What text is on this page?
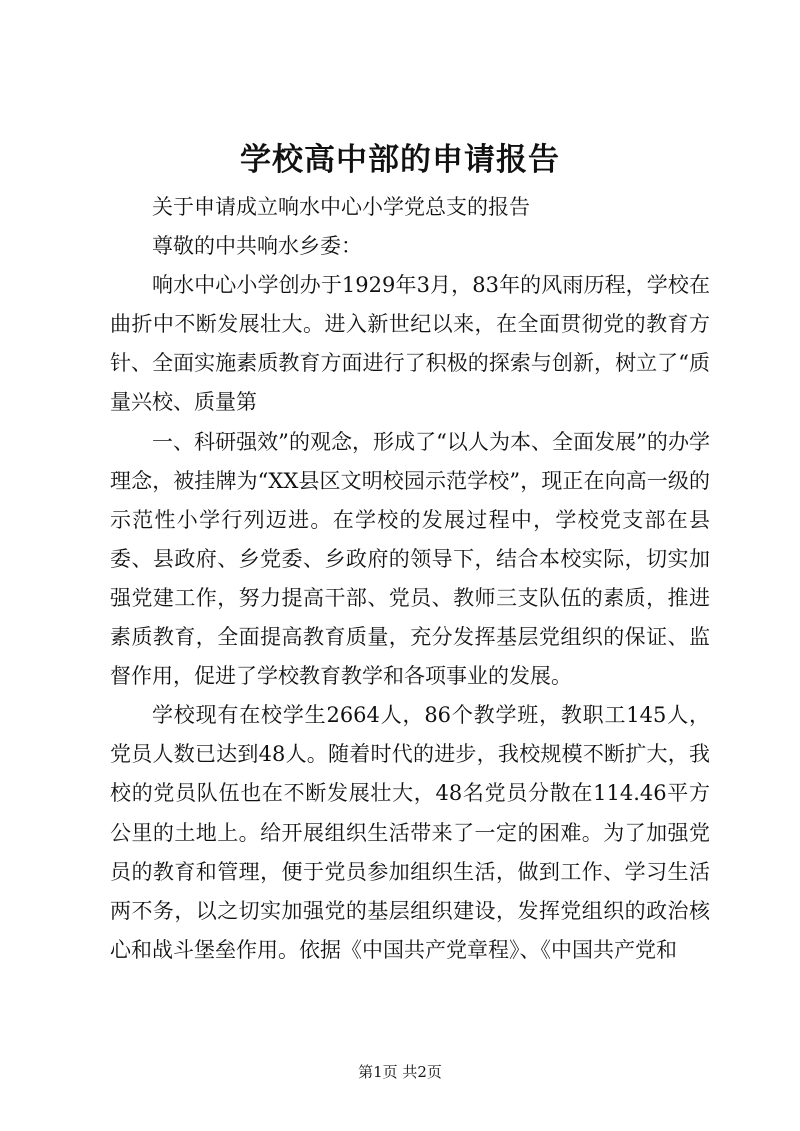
学校高中部的申请报告

关于申请成立响水中心小学党总支的报告

尊敬的中共响水乡委：

响水中心小学创办于1929年3月，83年的风雨历程，学校在曲折中不断发展壮大。进入新世纪以来，在全面贯彻党的教育方针、全面实施素质教育方面进行了积极的探索与创新，树立了“质量兴校、质量第

一、科研强效”的观念，形成了“以人为本、全面发展”的办学理念，被挂牌为“XX县区文明校园示范学校”，现正在向高一级的示范性小学行列迈进。在学校的发展过程中，学校党支部在县委、县政府、乡党委、乡政府的领导下，结合本校实际，切实加强党建工作，努力提高干部、党员、教师三支队伍的素质，推进素质教育，全面提高教育质量，充分发挥基层党组织的保证、监督作用，促进了学校教育教学和各项事业的发展。

学校现有在校学生2664人，86个教学班，教职工145人，党员人数已达到48人。随着时代的进步，我校规模不断扩大，我校的党员队伍也在不断发展壮大，48名党员分散在114.46平方公里的土地上。给开展组织生活带来了一定的困难。为了加强党员的教育和管理，便于党员参加组织生活，做到工作、学习生活两不务，以之切实加强党的基层组织建设，发挥党组织的政治核心和战斗堡垒作用。依据《中国共产党章程》、《中国共产党和

第1页 共2页
